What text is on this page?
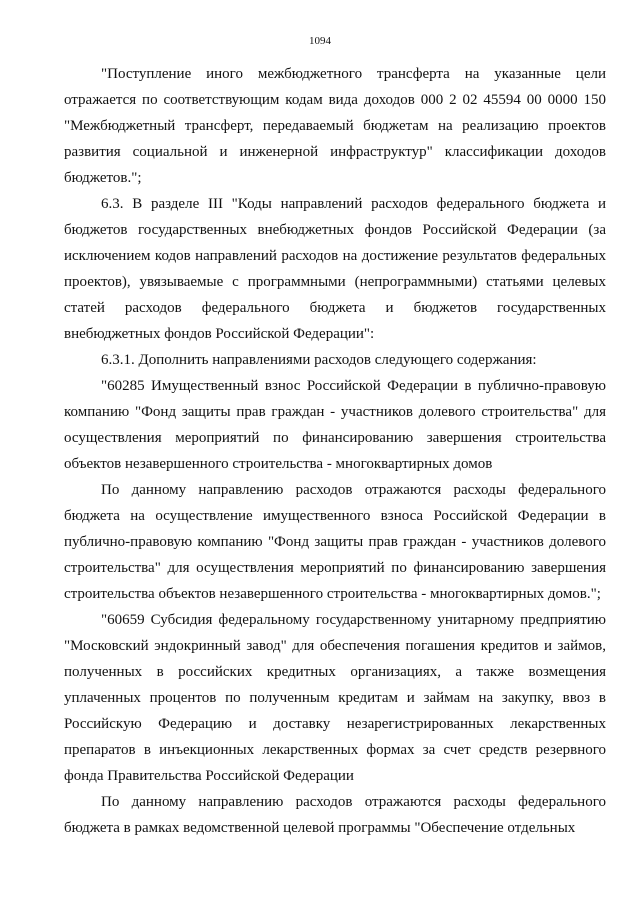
1094

"Поступление иного межбюджетного трансферта на указанные цели отражается по соответствующим кодам вида доходов 000 2 02 45594 00 0000 150 "Межбюджетный трансферт, передаваемый бюджетам на реализацию проектов развития социальной и инженерной инфраструктур" классификации доходов бюджетов.";

6.3. В разделе III "Коды направлений расходов федерального бюджета и бюджетов государственных внебюджетных фондов Российской Федерации (за исключением кодов направлений расходов на достижение результатов федеральных проектов), увязываемые с программными (непрограммными) статьями целевых статей расходов федерального бюджета и бюджетов государственных внебюджетных фондов Российской Федерации":

6.3.1. Дополнить направлениями расходов следующего содержания:

"60285 Имущественный взнос Российской Федерации в публично-правовую компанию "Фонд защиты прав граждан - участников долевого строительства" для осуществления мероприятий по финансированию завершения строительства объектов незавершенного строительства - многоквартирных домов

По данному направлению расходов отражаются расходы федерального бюджета на осуществление имущественного взноса Российской Федерации в публично-правовую компанию "Фонд защиты прав граждан - участников долевого строительства" для осуществления мероприятий по финансированию завершения строительства объектов незавершенного строительства - многоквартирных домов.";

"60659 Субсидия федеральному государственному унитарному предприятию "Московский эндокринный завод" для обеспечения погашения кредитов и займов, полученных в российских кредитных организациях, а также возмещения уплаченных процентов по полученным кредитам и займам на закупку, ввоз в Российскую Федерацию и доставку незарегистрированных лекарственных препаратов в инъекционных лекарственных формах за счет средств резервного фонда Правительства Российской Федерации

По данному направлению расходов отражаются расходы федерального бюджета в рамках ведомственной целевой программы "Обеспечение отдельных
